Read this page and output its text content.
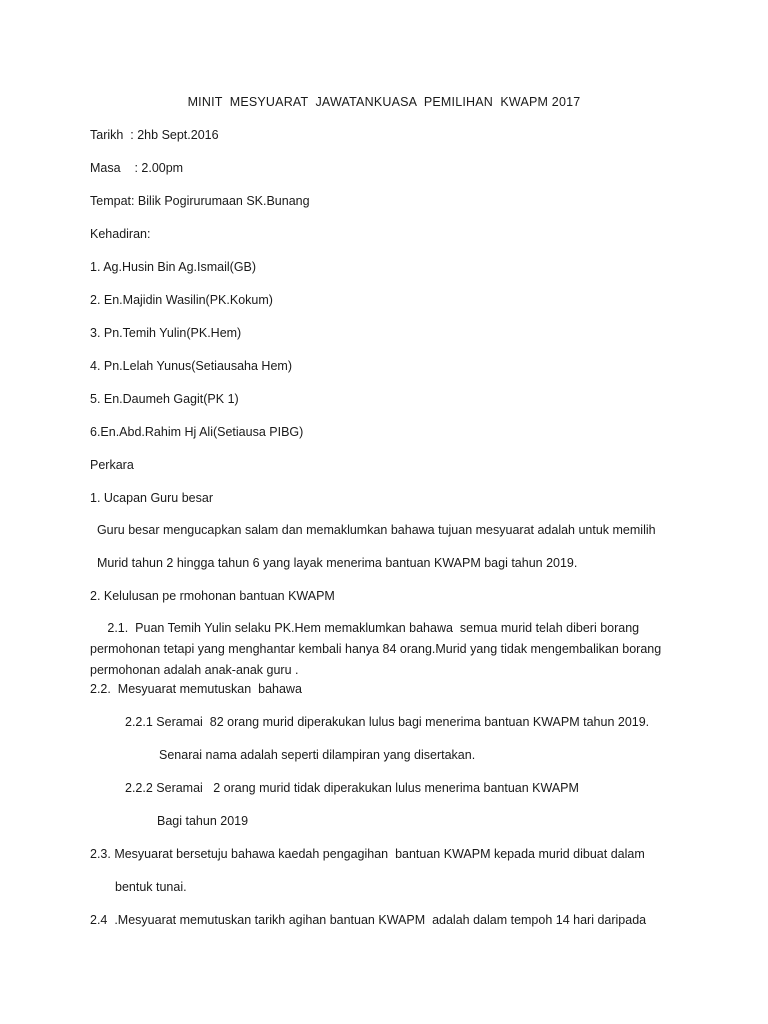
MINIT  MESYUARAT  JAWATANKUASA  PEMILIHAN  KWAPM 2017
Tarikh  : 2hb Sept.2016
Masa    : 2.00pm
Tempat: Bilik Pogirurumaan SK.Bunang
Kehadiran:
1. Ag.Husin Bin Ag.Ismail(GB)
2. En.Majidin Wasilin(PK.Kokum)
3. Pn.Temih Yulin(PK.Hem)
4. Pn.Lelah Yunus(Setiausaha Hem)
5. En.Daumeh Gagit(PK 1)
6.En.Abd.Rahim Hj Ali(Setiausa PIBG)
Perkara
1. Ucapan Guru besar
Guru besar mengucapkan salam dan memaklumkan bahawa tujuan mesyuarat adalah untuk memilih
Murid tahun 2 hingga tahun 6 yang layak menerima bantuan KWAPM bagi tahun 2019.
2. Kelulusan pe rmohonan bantuan KWAPM
2.1.  Puan Temih Yulin selaku PK.Hem memaklumkan bahawa  semua murid telah diberi borang
permohonan tetapi yang menghantar kembali hanya 84 orang.Murid yang tidak mengembalikan borang
permohonan adalah anak-anak guru .
2.2.  Mesyuarat memutuskan  bahawa
2.2.1 Seramai  82 orang murid diperakukan lulus bagi menerima bantuan KWAPM tahun 2019.
Senarai nama adalah seperti dilampiran yang disertakan.
2.2.2 Seramai   2 orang murid tidak diperakukan lulus menerima bantuan KWAPM
Bagi tahun 2019
2.3. Mesyuarat bersetuju bahawa kaedah pengagihan  bantuan KWAPM kepada murid dibuat dalam
bentuk tunai.
2.4  .Mesyuarat memutuskan tarikh agihan bantuan KWAPM  adalah dalam tempoh 14 hari daripada
